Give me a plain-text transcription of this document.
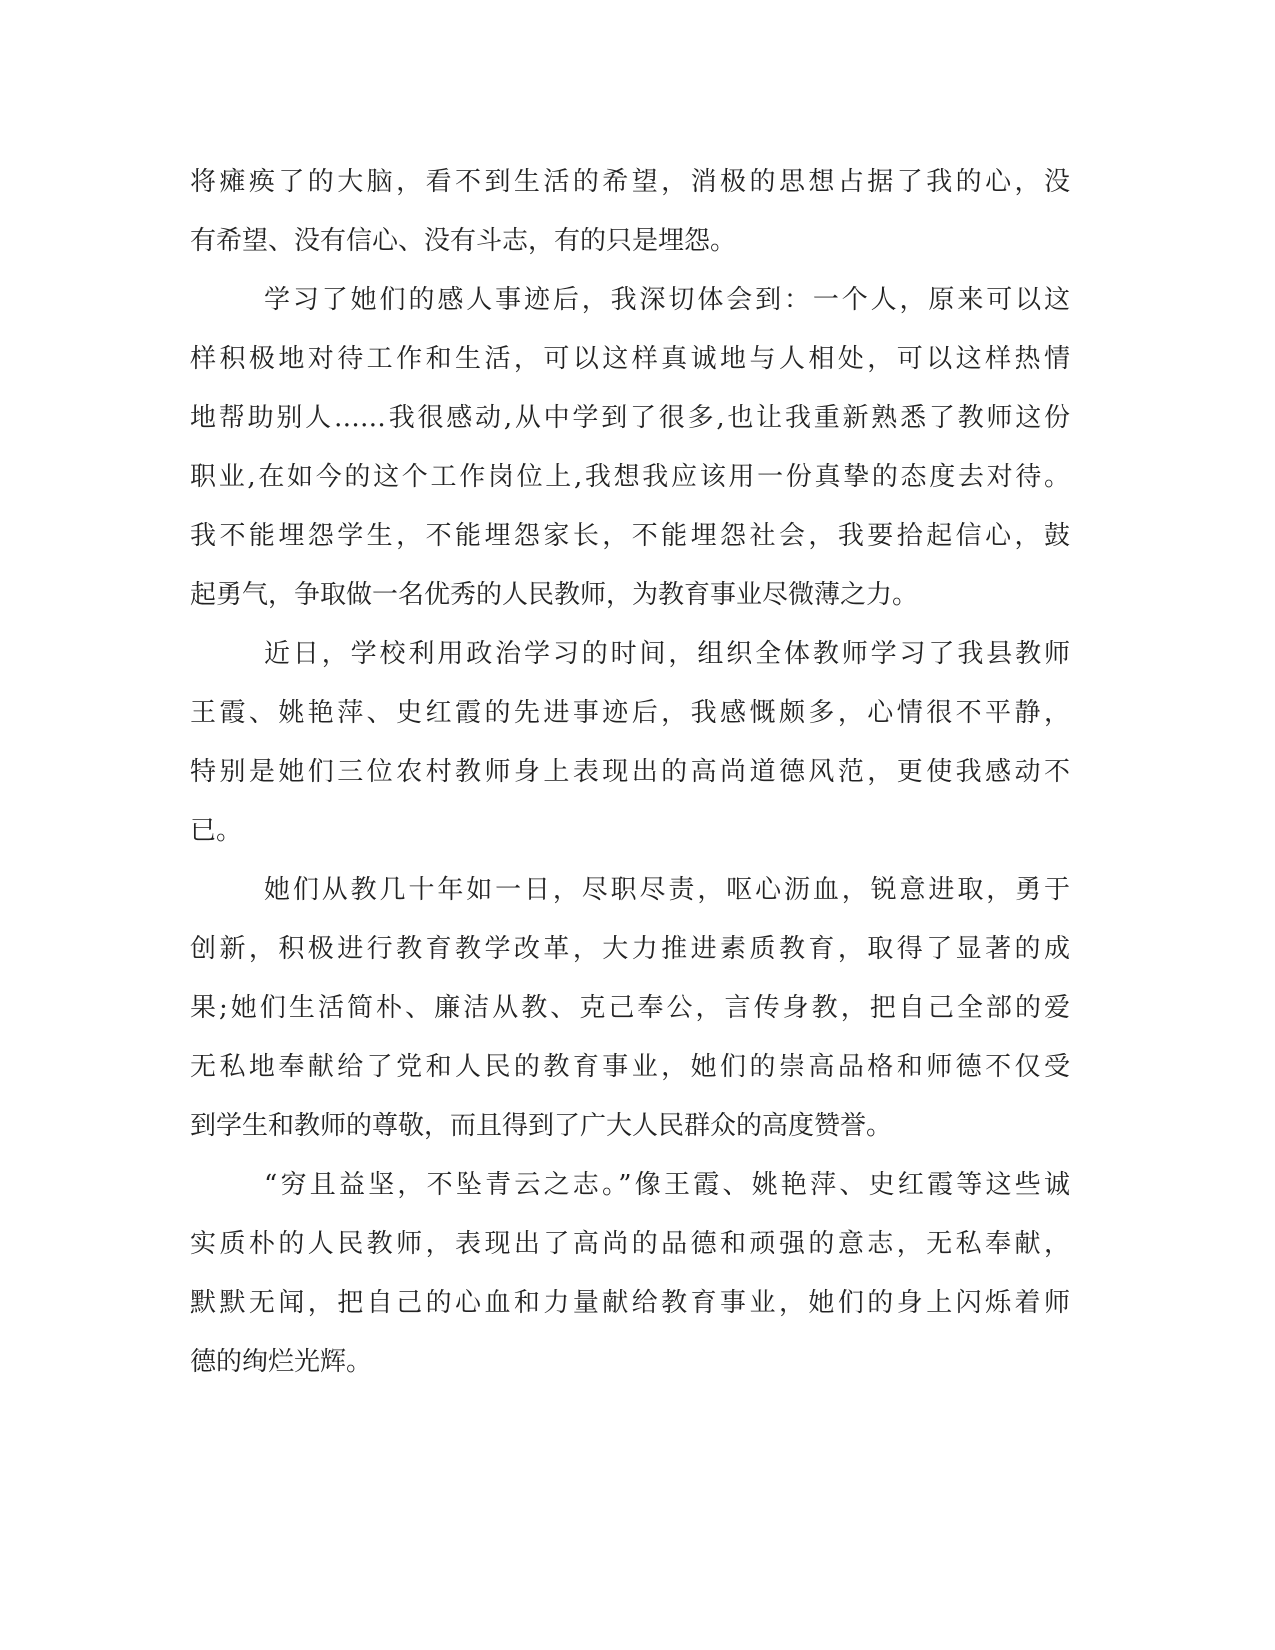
将瘫痪了的大脑，看不到生活的希望，消极的思想占据了我的心，没
有希望、没有信心、没有斗志，有的只是埋怨。
学习了她们的感人事迹后，我深切体会到：一个人，原来可以这
样积极地对待工作和生活，可以这样真诚地与人相处，可以这样热情
地帮助别人……我很感动,从中学到了很多,也让我重新熟悉了教师这份
职业,在如今的这个工作岗位上,我想我应该用一份真挚的态度去对待。
我不能埋怨学生，不能埋怨家长，不能埋怨社会，我要拾起信心，鼓
起勇气，争取做一名优秀的人民教师，为教育事业尽微薄之力。
近日，学校利用政治学习的时间，组织全体教师学习了我县教师
王霞、姚艳萍、史红霞的先进事迹后，我感慨颇多，心情很不平静，
特别是她们三位农村教师身上表现出的高尚道德风范，更使我感动不
已。
她们从教几十年如一日，尽职尽责，呕心沥血，锐意进取，勇于
创新，积极进行教育教学改革，大力推进素质教育，取得了显著的成
果;她们生活简朴、廉洁从教、克己奉公，言传身教，把自己全部的爱
无私地奉献给了党和人民的教育事业，她们的崇高品格和师德不仅受
到学生和教师的尊敬，而且得到了广大人民群众的高度赞誉。
“穷且益坚，不坠青云之志。”像王霞、姚艳萍、史红霞等这些诚
实质朴的人民教师，表现出了高尚的品德和顽强的意志，无私奉献，
默默无闻，把自己的心血和力量献给教育事业，她们的身上闪烁着师
德的绚烂光辉。
